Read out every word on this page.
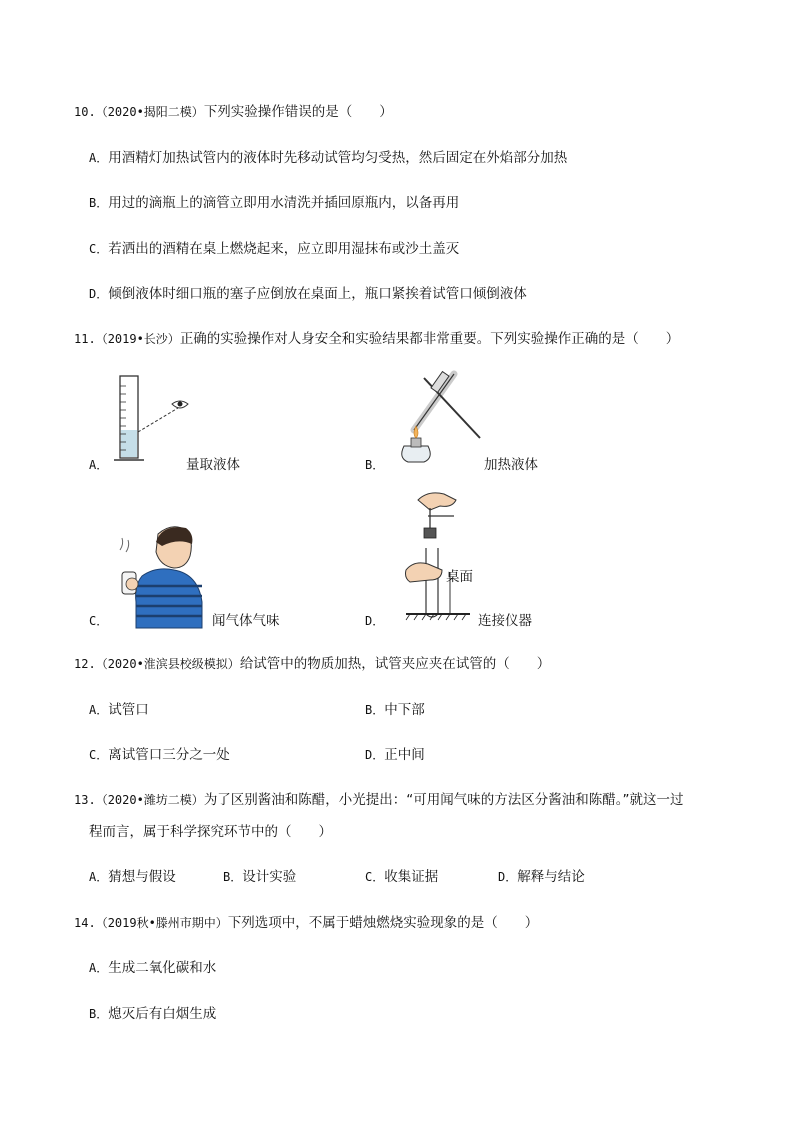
10.（2020•揭阳二模）下列实验操作错误的是（　　）
A．用酒精灯加热试管内的液体时先移动试管均匀受热，然后固定在外焰部分加热
B．用过的滴瓶上的滴管立即用水清洗并插回原瓶内，以备再用
C．若洒出的酒精在桌上燃烧起来，应立即用湿抹布或沙土盖灭
D．倾倒液体时细口瓶的塞子应倒放在桌面上，瓶口紧挨着试管口倾倒液体
11.（2019•长沙）正确的实验操作对人身安全和实验结果都非常重要。下列实验操作正确的是（　　）
A．	量取液体	B．	加热液体
C．	闻气体气味
桌面
D．	连接仪器
12.（2020•淮滨县校级模拟）给试管中的物质加热，试管夹应夹在试管的（　　）
A．试管口	B．中下部
C．离试管口三分之一处	D．正中间
13.（2020•潍坊二模）为了区别酱油和陈醋，小光提出：“可用闻气味的方法区分酱油和陈醋。”就这一过
程而言，属于科学探究环节中的（　　）
A．猜想与假设	B．设计实验	C．收集证据	D．解释与结论
14.（2019秋•滕州市期中）下列选项中，不属于蜡烛燃烧实验现象的是（　　）
A．生成二氧化碳和水
B．熄灭后有白烟生成
